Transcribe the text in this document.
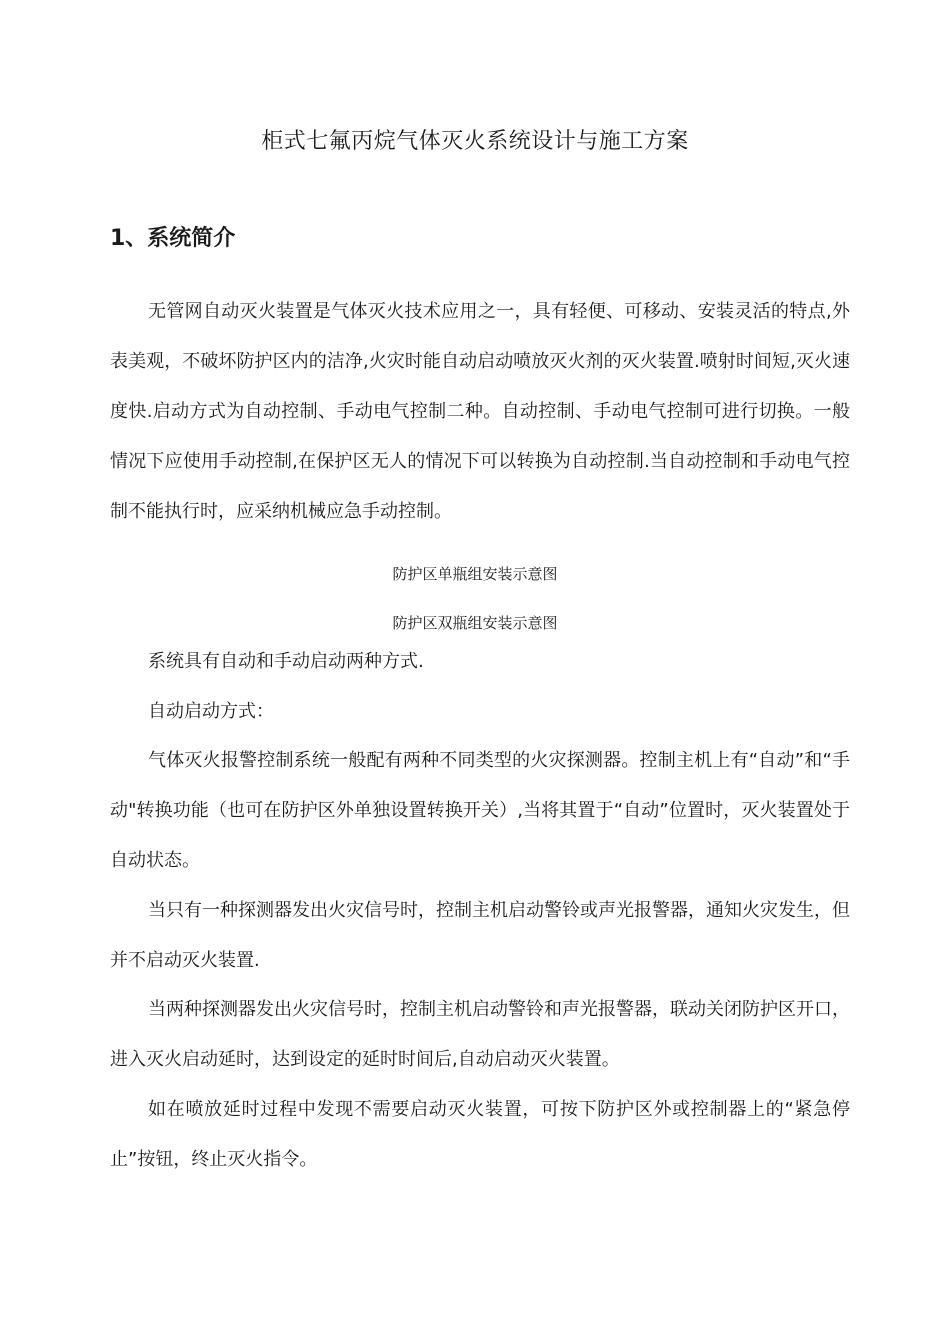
柜式七氟丙烷气体灭火系统设计与施工方案
1、系统简介

无管网自动灭火装置是气体灭火技术应用之一，具有轻便、可移动、安装灵活的特点,外表美观，不破坏防护区内的洁净,火灾时能自动启动喷放灭火剂的灭火装置.喷射时间短,灭火速度快.启动方式为自动控制、手动电气控制二种。自动控制、手动电气控制可进行切换。一般情况下应使用手动控制,在保护区无人的情况下可以转换为自动控制.当自动控制和手动电气控制不能执行时，应采纳机械应急手动控制。

防护区单瓶组安装示意图
防护区双瓶组安装示意图

系统具有自动和手动启动两种方式.

自动启动方式：

气体灭火报警控制系统一般配有两种不同类型的火灾探测器。控制主机上有“自动”和“手动"转换功能（也可在防护区外单独设置转换开关）,当将其置于“自动”位置时，灭火装置处于自动状态。

当只有一种探测器发出火灾信号时，控制主机启动警铃或声光报警器，通知火灾发生，但并不启动灭火装置.

当两种探测器发出火灾信号时，控制主机启动警铃和声光报警器，联动关闭防护区开口，进入灭火启动延时，达到设定的延时时间后,自动启动灭火装置。

如在喷放延时过程中发现不需要启动灭火装置，可按下防护区外或控制器上的“紧急停止”按钮，终止灭火指令。
